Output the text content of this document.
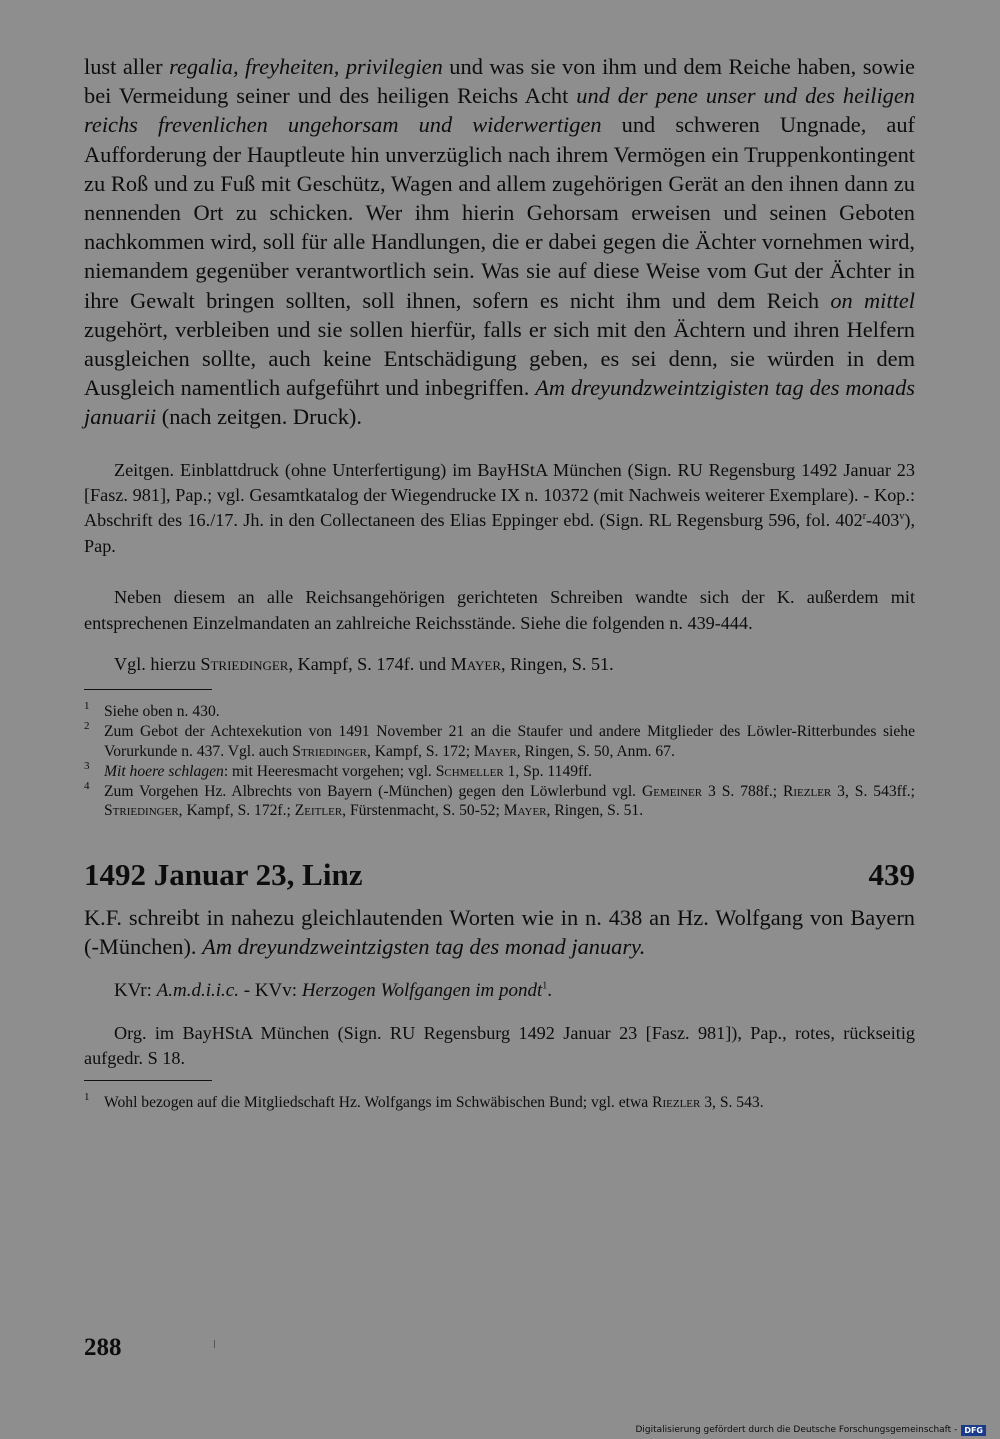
lust aller regalia, freyheiten, privilegien und was sie von ihm und dem Reiche haben, sowie bei Vermeidung seiner und des heiligen Reichs Acht und der pene unser und des heiligen reichs frevenlichen ungehorsam und widerwertigen und schweren Ungnade, auf Aufforderung der Hauptleute hin unverzüglich nach ihrem Vermögen ein Truppenkontingent zu Roß und zu Fuß mit Geschütz, Wagen and allem zugehörigen Gerät an den ihnen dann zu nennenden Ort zu schicken. Wer ihm hierin Gehorsam erweisen und seinen Geboten nachkommen wird, soll für alle Handlungen, die er dabei gegen die Ächter vornehmen wird, niemandem gegenüber verantwortlich sein. Was sie auf diese Weise vom Gut der Ächter in ihre Gewalt bringen sollten, soll ihnen, sofern es nicht ihm und dem Reich on mittel zugehört, verbleiben und sie sollen hierfür, falls er sich mit den Ächtern und ihren Helfern ausgleichen sollte, auch keine Entschädigung geben, es sei denn, sie würden in dem Ausgleich namentlich aufgeführt und inbegriffen. Am dreyundzweintzigisten tag des monads januarii (nach zeitgen. Druck).

Zeitgen. Einblattdruck (ohne Unterfertigung) im BayHStA München (Sign. RU Regensburg 1492 Januar 23 [Fasz. 981], Pap.; vgl. Gesamtkatalog der Wiegendrucke IX n. 10372 (mit Nachweis weiterer Exemplare). - Kop.: Abschrift des 16./17. Jh. in den Collectaneen des Elias Eppinger ebd. (Sign. RL Regensburg 596, fol. 402$^r$-403$^v$), Pap.

Neben diesem an alle Reichsangehörigen gerichteten Schreiben wandte sich der K. außerdem mit entsprechenen Einzelmandaten an zahlreiche Reichsstände. Siehe die folgenden n. 439-444.

Vgl. hierzu Striedinger, Kampf, S. 174f. und Mayer, Ringen, S. 51.

1 Siehe oben n. 430.

2 Zum Gebot der Achtexekution von 1491 November 21 an die Staufer und andere Mitglieder des Löwler-Ritterbundes siehe Vorurkunde n. 437. Vgl. auch Striedinger, Kampf, S. 172; Mayer, Ringen, S. 50, Anm. 67.

3 Mit hoere schlagen: mit Heeresmacht vorgehen; vgl. Schmeller 1, Sp. 1149ff.

4 Zum Vorgehen Hz. Albrechts von Bayern (-München) gegen den Löwlerbund vgl. Gemeiner 3 S. 788f.; Riezler 3, S. 543ff.; Striedinger, Kampf, S. 172f.; Zeitler, Fürstenmacht, S. 50-52; Mayer, Ringen, S. 51.

1492 Januar 23, Linz	439

K.F. schreibt in nahezu gleichlautenden Worten wie in n. 438 an Hz. Wolfgang von Bayern (-München). Am dreyundzweintzigsten tag des monad january.

KVr: A.m.d.i.i.c. - KVv: Herzogen Wolfgangen im pondt$^1$.

Org. im BayHStA München (Sign. RU Regensburg 1492 Januar 23 [Fasz. 981]), Pap., rotes, rückseitig aufgedr. S 18.

1 Wohl bezogen auf die Mitgliedschaft Hz. Wolfgangs im Schwäbischen Bund; vgl. etwa Riezler 3, S. 543.

288
Digitalisierung gefördert durch die Deutsche Forschungsgemeinschaft - DFG
